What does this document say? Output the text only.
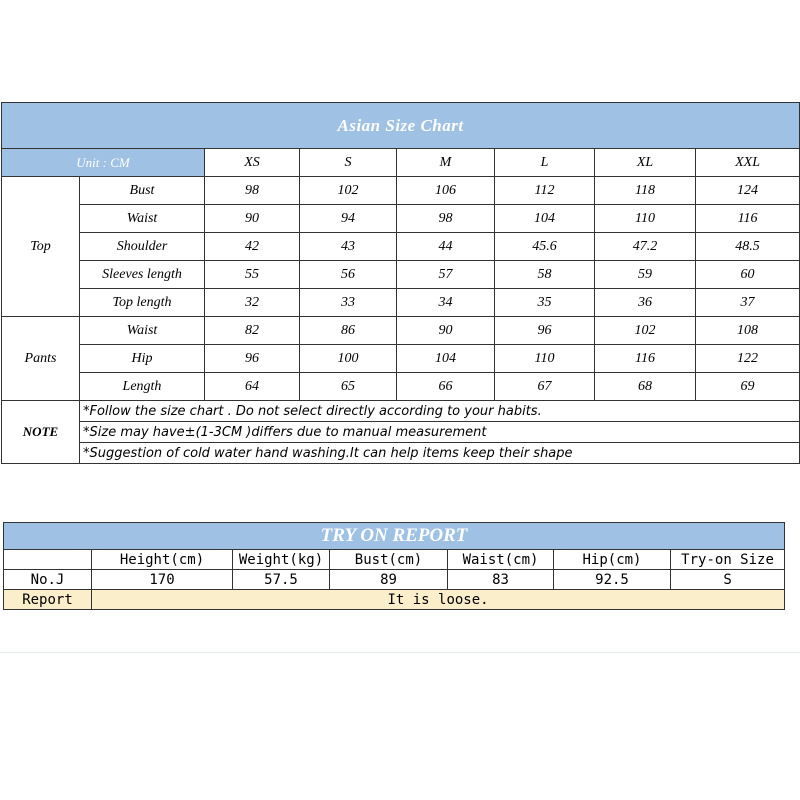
Asian Size Chart							
Unit : CM		XS	S	M	L	XL	XXL
Top	Bust	98	102	106	112	118	124
	Waist	90	94	98	104	110	116
	Shoulder	42	43	44	45.6	47.2	48.5
	Sleeves length	55	56	57	58	59	60
	Top length	32	33	34	35	36	37
Pants	Waist	82	86	90	96	102	108
	Hip	96	100	104	110	116	122
	Length	64	65	66	67	68	69
NOTE	*Follow the size chart . Do not select directly according to your habits.						
	*Size may have±(1-3CM )differs due to manual measurement						
	*Suggestion of cold water hand washing.It can help items keep their shape						
TRY ON REPORT						
	Height(cm)	Weight(kg)	Bust(cm)	Waist(cm)	Hip(cm)	Try-on Size
No.J	170	57.5	89	83	92.5	S
Report	It is loose.					
